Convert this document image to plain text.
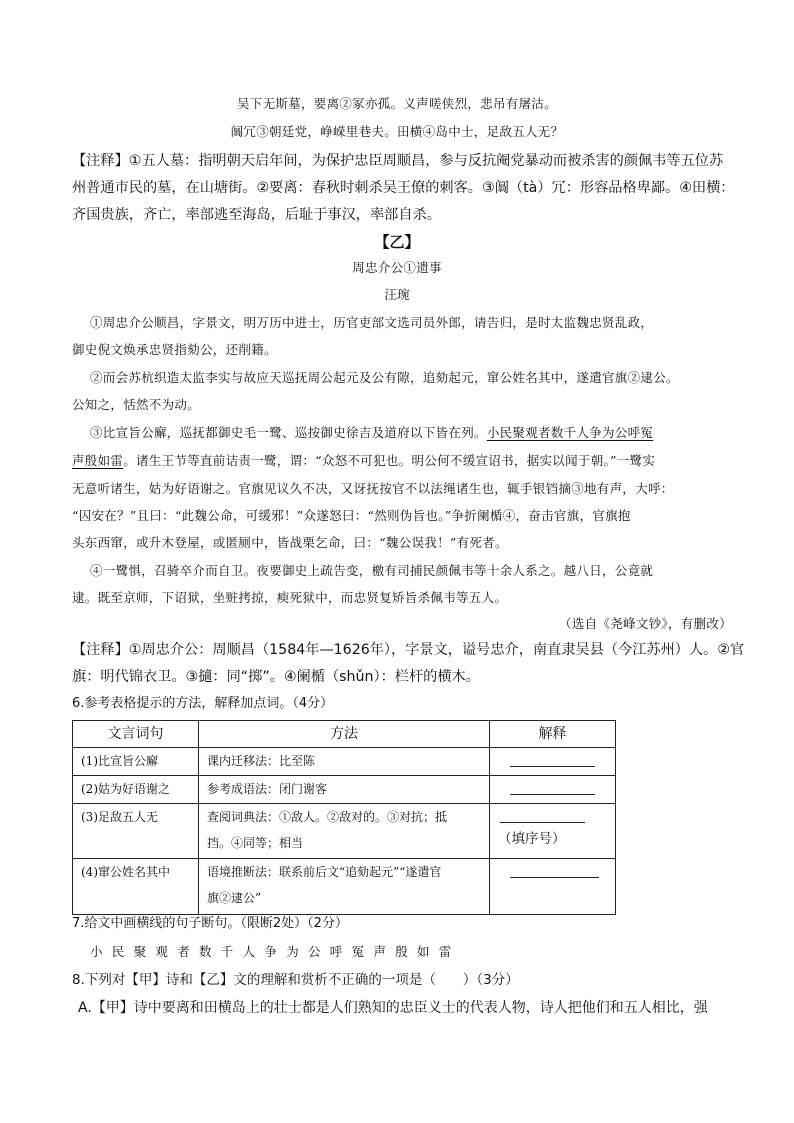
吴下无斯墓，要离②冢亦孤。义声嗟侠烈，悲吊有屠沽。
阘冗③朝廷党，峥嵘里巷夫。田横④岛中士，足敌五人无？
【注释】①五人墓：指明朝天启年间，为保护忠臣周顺昌，参与反抗阉党暴动而被杀害的颜佩韦等五位苏
州普通市民的墓，在山塘街。②要离：春秋时刺杀吴王僚的刺客。③阘（tà）冗：形容品格卑鄙。④田横：
齐国贵族，齐亡，率部逃至海岛，后耻于事汉，率部自杀。
【乙】
周忠介公①遗事
汪琬
①周忠介公顺昌，字景文，明万历中进士，历官吏部文选司员外郎，请告归，是时太监魏忠贤乱政，
御史倪文焕承忠贤指劾公，还削籍。
②而会苏杭织造太监李实与故应天巡抚周公起元及公有隙，追劾起元，窜公姓名其中，遂遣官旗②逮公。
公知之，恬然不为动。
③比宣旨公廨，巡抚都御史毛一鹭、巡按御史徐吉及道府以下皆在列。小民聚观者数千人争为公呼冤
声殷如雷。诸生王节等直前诘责一鹭，谓：“众怒不可犯也。明公何不缓宣诏书，据实以闻于朝。”一鹭实
无意听诸生，姑为好语谢之。官旗见议久不决，又讶抚按官不以法绳诸生也，辄手银铛摘③地有声，大呼：
“囚安在？”且曰：“此魏公命，可缓邪！”众遂怒曰：“然则伪旨也。”争折阑楯④，奋击官旗，官旗抱
头东西窜，或升木登屋，或匿厕中，皆战栗乞命，曰：“魏公误我！”有死者。
④一鹭惧，召骑卒介而自卫。夜要御史上疏告变，檄有司捕民颜佩韦等十余人系之。越八日，公竟就
逮。既至京师，下诏狱，坐赃拷掠，瘐死狱中，而忠贤复矫旨杀佩韦等五人。
（选自《尧峰文钞》，有删改）
【注释】①周忠介公：周顺昌（1584年—1626年），字景文，谥号忠介，南直隶吴县（今江苏州）人。②官
旗：明代锦衣卫。③擿：同“掷”。④阑楯（shǔn）：栏杆的横木。
6.参考表格提示的方法，解释加点词。（4分）
文言词句	方法	解释

(1)比宣旨公廨	课内迁移法：比至陈	

(2)姑为好语谢之	参考成语法：闭门谢客	

(3)足敌五人无	查阅词典法：①敌人。②敌对的。③对抗；抵
挡。④同等；相当	（填序号）

(4)窜公姓名其中	语境推断法：联系前后文“追劾起元”“遂遣官
旗②逮公”	

7.给文中画横线的句子断句。（限断2处）（2分）
小民聚观者数千人争为公呼冤声殷如雷
8.下列对【甲】诗和【乙】文的理解和赏析不正确的一项是（　　）（3分）
A.【甲】诗中要离和田横岛上的壮士都是人们熟知的忠臣义士的代表人物，诗人把他们和五人相比，强
